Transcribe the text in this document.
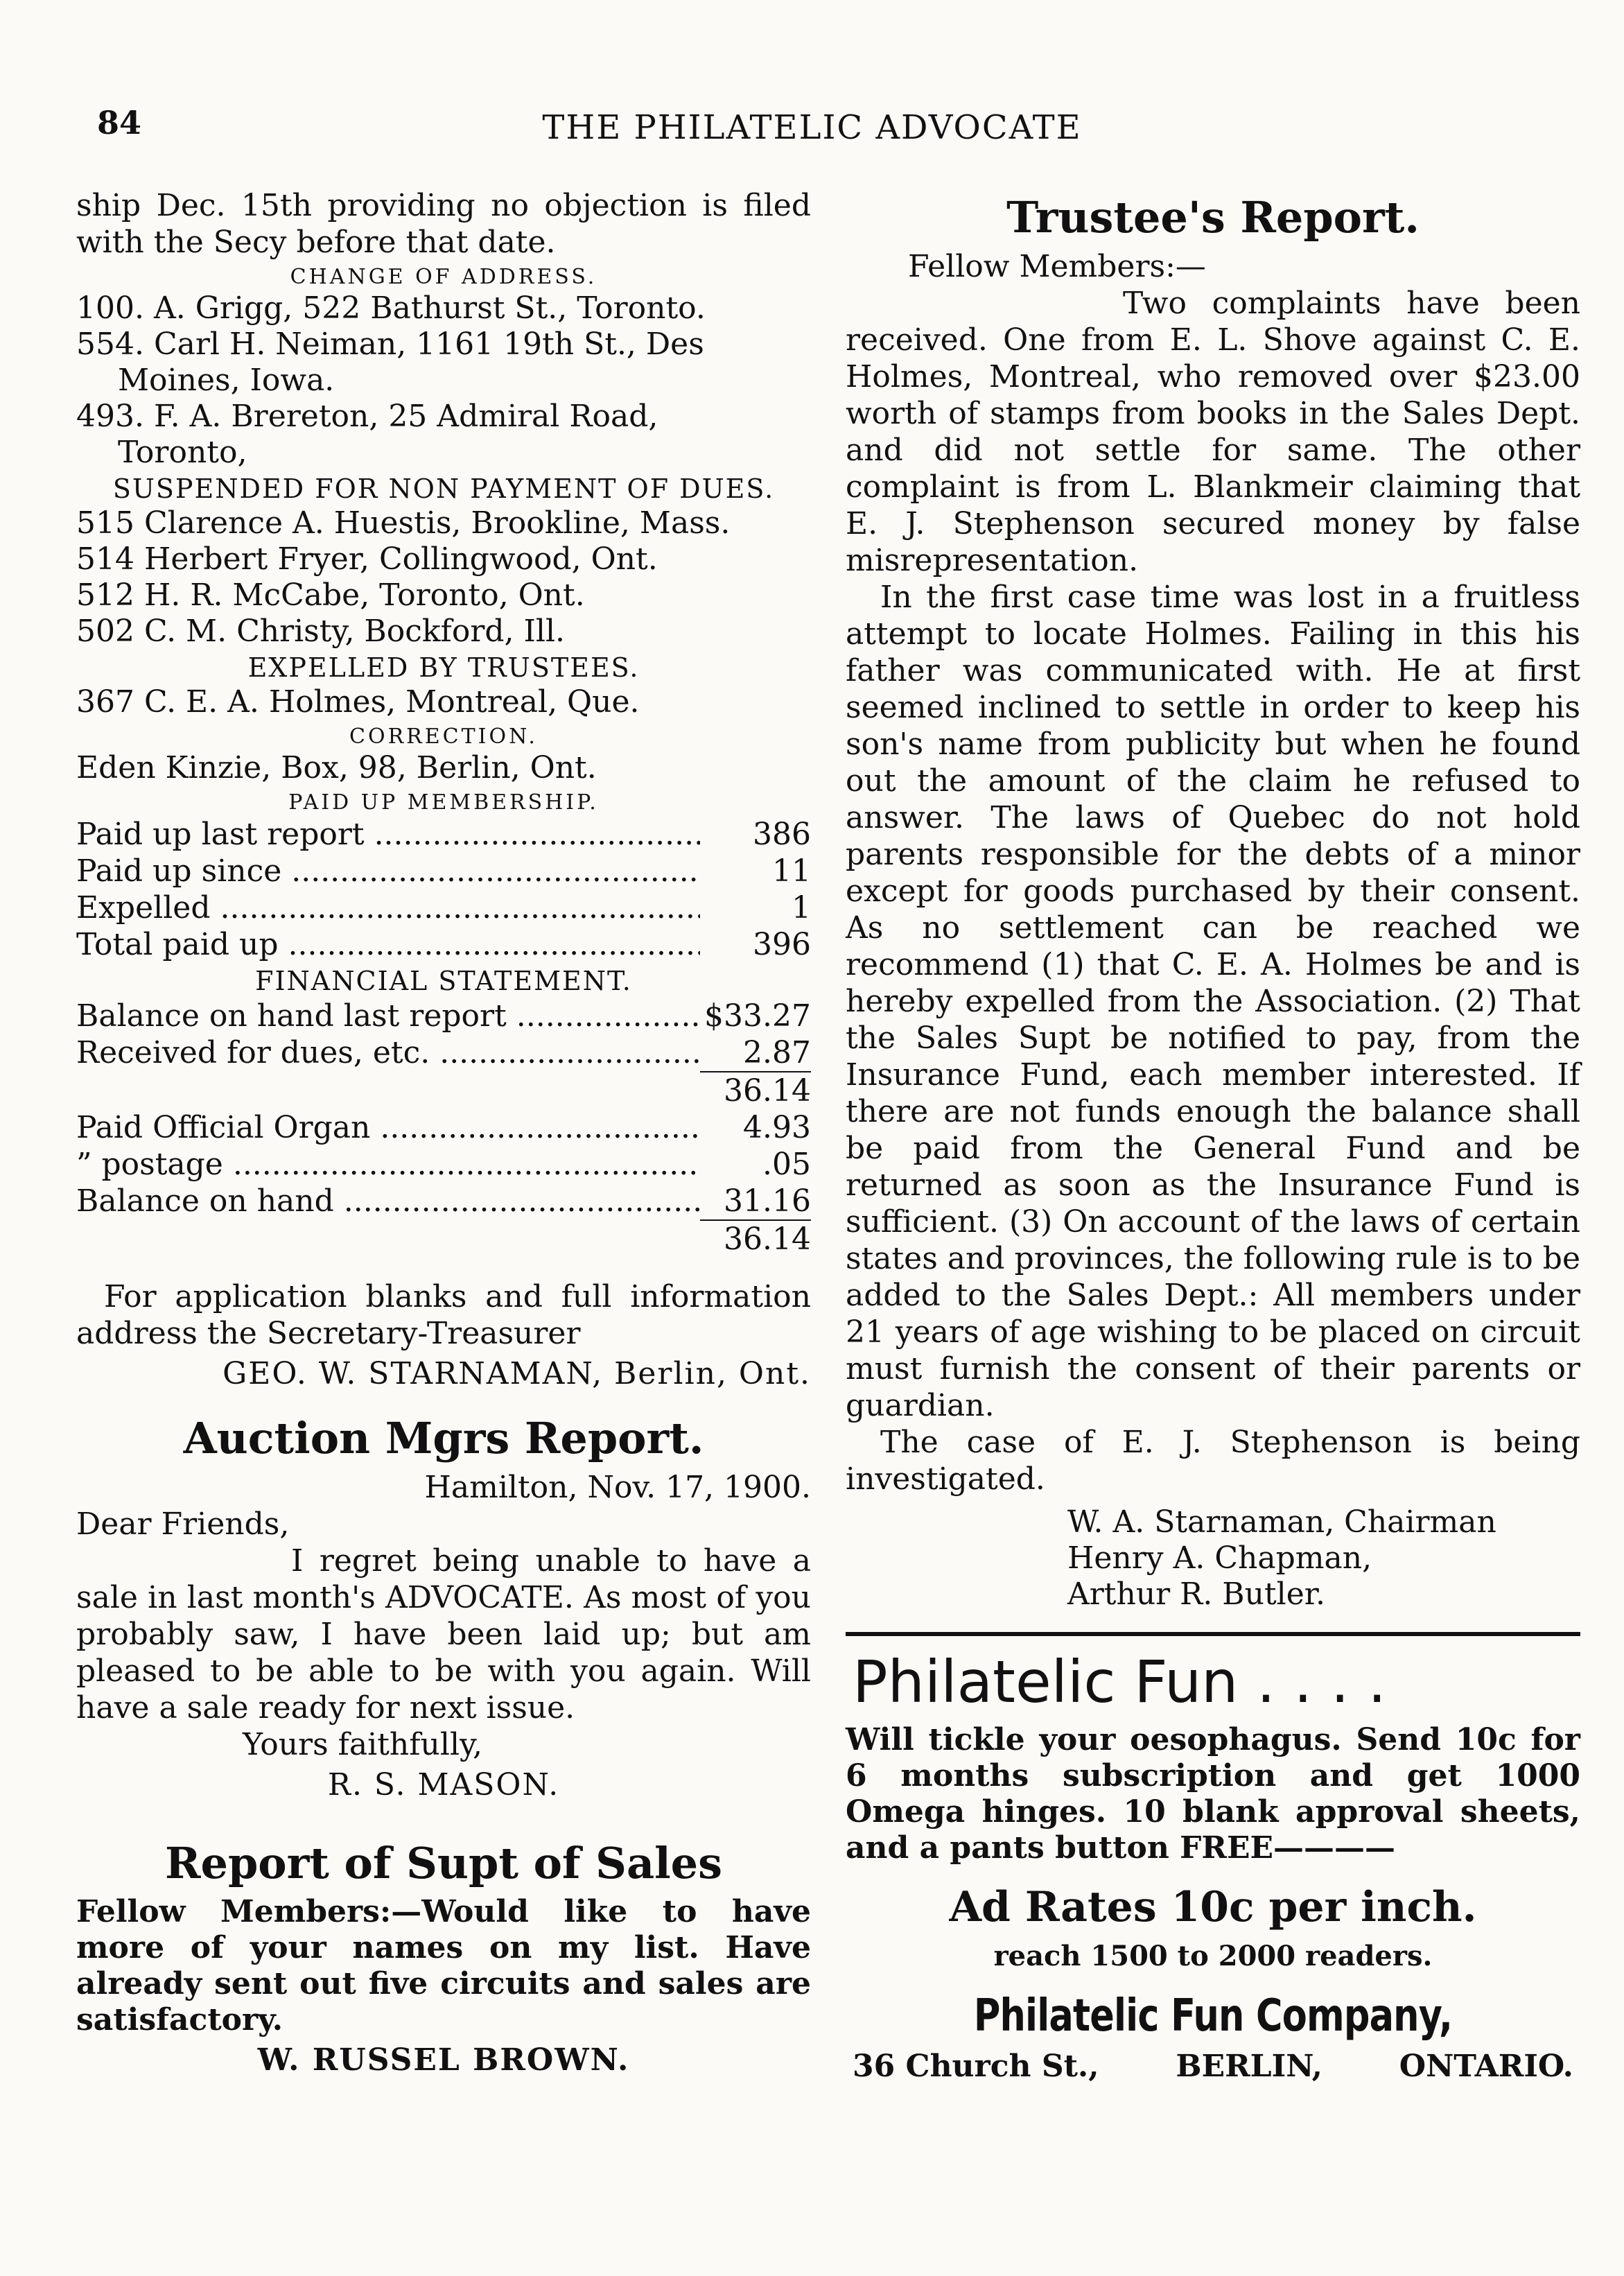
84	THE PHILATELIC ADVOCATE

ship Dec. 15th providing no objection is filed with the Secy before that date.

CHANGE OF ADDRESS.
100. A. Grigg, 522 Bathurst St., Toronto.
554. Carl H. Neiman, 1161 19th St., Des
Moines, Iowa.
493. F. A. Brereton, 25 Admiral Road,
Toronto,
SUSPENDED FOR NON PAYMENT OF DUES.
515 Clarence A. Huestis, Brookline, Mass.
514 Herbert Fryer, Collingwood, Ont.
512 H. R. McCabe, Toronto, Ont.
502 C. M. Christy, Bockford, Ill.
EXPELLED BY TRUSTEES.
367 C. E. A. Holmes, Montreal, Que.
CORRECTION.
Eden Kinzie, Box, 98, Berlin, Ont.
PAID UP MEMBERSHIP.
Paid up last report .....	386
Paid up since .....	11
Expelled .....	1
Total paid up .....	396
FINANCIAL STATEMENT.
Balance on hand last report .....	$33.27
Received for dues, etc. .....	2.87
36.14
Paid Official Organ .....	4.93
” postage .....	.05
Balance on hand .....	31.16
36.14

For application blanks and full information address the Secretary-Treasurer

GEO. W. STARNAMAN, Berlin, Ont.
Auction Mgrs Report.
Hamilton, Nov. 17, 1900.
Dear Friends,

I regret being unable to have a sale in last month's ADVOCATE. As most of you probably saw, I have been laid up; but am pleased to be able to be with you again. Will have a sale ready for next issue.

Yours faithfully,
R. S. MASON.
Report of Supt of Sales

Fellow Members:—Would like to have more of your names on my list. Have already sent out five circuits and sales are satisfactory.

W. RUSSEL BROWN.
Trustee's Report.
Fellow Members:—

Two complaints have been received. One from E. L. Shove against C. E. Holmes, Montreal, who removed over $23.00 worth of stamps from books in the Sales Dept. and did not settle for same. The other complaint is from L. Blankmeir claiming that E. J. Stephenson secured money by false misrepresentation.

In the first case time was lost in a fruitless attempt to locate Holmes. Failing in this his father was communicated with. He at first seemed inclined to settle in order to keep his son's name from publicity but when he found out the amount of the claim he refused to answer. The laws of Quebec do not hold parents responsible for the debts of a minor except for goods purchased by their consent. As no settlement can be reached we recommend (1) that C. E. A. Holmes be and is hereby expelled from the Association. (2) That the Sales Supt be notified to pay, from the Insurance Fund, each member interested. If there are not funds enough the balance shall be paid from the General Fund and be returned as soon as the Insurance Fund is sufficient. (3) On account of the laws of certain states and provinces, the following rule is to be added to the Sales Dept.: All members under 21 years of age wishing to be placed on circuit must furnish the consent of their parents or guardian.

The case of E. J. Stephenson is being investigated.

W. A. Starnaman, Chairman
Henry A. Chapman,
Arthur R. Butler.
Philatelic Fun . . . .

Will tickle your oesophagus. Send 10c for 6 months subscription and get 1000 Omega hinges. 10 blank approval sheets, and a pants button FREE————

Ad Rates 10c per inch.
reach 1500 to 2000 readers.
Philatelic Fun Company,
36 Church St.,	BERLIN,	ONTARIO.
